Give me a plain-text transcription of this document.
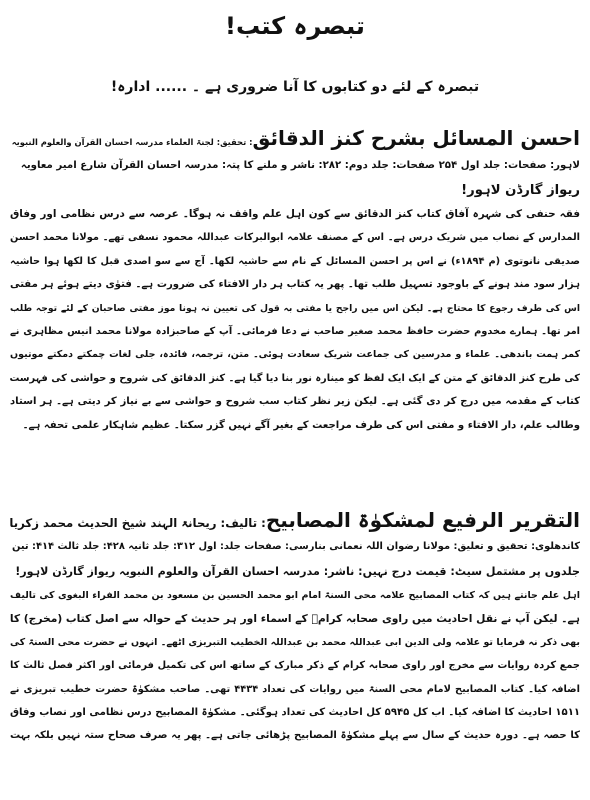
تبصرہ کتب!
تبصرہ کے لئے دو کتابوں کا آنا ضروری ہے ۔ ...... ادارہ!
احسن المسائل بشرح کنز الدقائق: تحقیق: لجنۃ العلماء مدرسہ احسان القرآن والعلوم النبویہ
لاہور: صفحات: جلد اول ۲۵۴ صفحات: جلد دوم: ۲۸۲: ناشر و ملنے کا پتہ: مدرسہ احسان القرآن شارع امیر معاویہ
ریواز گارڈن لاہور!
فقہ حنفی کی شہرہ آفاق کتاب کنز الدقائق سے کون اہل علم واقف نہ ہوگا۔ عرصہ سے درس نظامی اور وفاق
المدارس کے نصاب میں شریک درس ہے۔ اس کے مصنف علامہ ابوالبرکات عبداللہ محمود نسفی تھے۔ مولانا محمد احسن
صدیقی نانوتوی (م ۱۸۹۴ء) نے اس پر احسن المسائل کے نام سے حاشیہ لکھا۔ آج سے سو اصدی قبل کا لکھا ہوا حاشیہ
ہزار سود مند ہونے کے باوجود تسہیل طلب تھا۔ پھر یہ کتاب ہر دار الافتاء کی ضرورت ہے۔ فتوٰی دیتے ہوئے ہر مفتی
اس کی طرف رجوع کا محتاج ہے۔ لیکن اس میں راجح یا مفتی بہ قول کی تعیین نہ ہونا موز مفتی صاحبان کے لئے توجہ طلب
امر تھا۔ ہمارے مخدوم حضرت حافظ محمد صغیر صاحب نے دعا فرمائی۔ آپ کے صاحبزادہ مولانا محمد انیس مظاہری نے
کمر ہمت باندھی۔ علماء و مدرسین کی جماعت شریک سعادت ہوئی۔ متن، ترجمہ، فائدہ، جلی لغات چمکتے دمکتے موتیوں
کی طرح کنز الدقائق کے متن کے ایک ایک لفظ کو مینارہ نور بنا دیا گیا ہے۔ کنز الدقائق کی شروح و حواشی کی فہرست
کتاب کے مقدمہ میں درج کر دی گئی ہے۔ لیکن زیر نظر کتاب سب شروح و حواشی سے بے نیاز کر دیتی ہے۔ ہر استاد
وطالب علم، دار الافتاء و مفتی اس کی طرف مراجعت کے بغیر آگے نہیں گزر سکتا۔ عظیم شاہکار علمی تحفہ ہے۔
التقریر الرفیع لمشکوٰۃ المصابیح: تالیف: ریحانۃ الہند شیخ الحدیث محمد زکریا
کاندھلوی: تحقیق و تعلیق: مولانا رضوان اللہ نعمانی بنارسی: صفحات جلد: اول ۳۱۲: جلد ثانیہ ۴۲۸: جلد ثالث ۴۱۴: تین
جلدوں پر مشتمل سیٹ: قیمت درج نہیں: ناشر: مدرسہ احسان القرآن والعلوم النبویہ ریواز گارڈن لاہور!
اہل علم جانتے ہیں کہ کتاب المصابیح علامہ محی السنۃ امام ابو محمد الحسین بن مسعود بن محمد الفراء البغوی کی تالیف
ہے۔ لیکن آپ نے نقل احادیث میں راوی صحابہ کرامؓ کے اسماء اور ہر حدیث کے حوالہ سے اصل کتاب (مخرج) کا
بھی ذکر نہ فرمایا تو علامہ ولی الدین ابی عبداللہ محمد بن عبداللہ الخطیب التبریزی اٹھے۔ انہوں نے حضرت محی السنۃ کی
جمع کردہ روایات سے مخرج اور راوی صحابہ کرام کے ذکر مبارک کے ساتھ اس کی تکمیل فرمائی اور اکثر فصل ثالث کا
اضافہ کیا۔ کتاب المصابیح لامام محی السنۃ میں روایات کی تعداد ۴۴۳۴ تھی۔ صاحب مشکوٰۃ حضرت خطیب تبریزی نے
۱۵۱۱ احادیث کا اضافہ کیا۔ اب کل ۵۹۴۵ کل احادیث کی تعداد ہوگئی۔ مشکوٰۃ المصابیح درس نظامی اور نصاب وفاق
کا حصہ ہے۔ دورہ حدیث کے سال سے پہلے مشکوٰۃ المصابیح پڑھائی جاتی ہے۔ پھر یہ صرف صحاح ستہ نہیں بلکہ بہت
